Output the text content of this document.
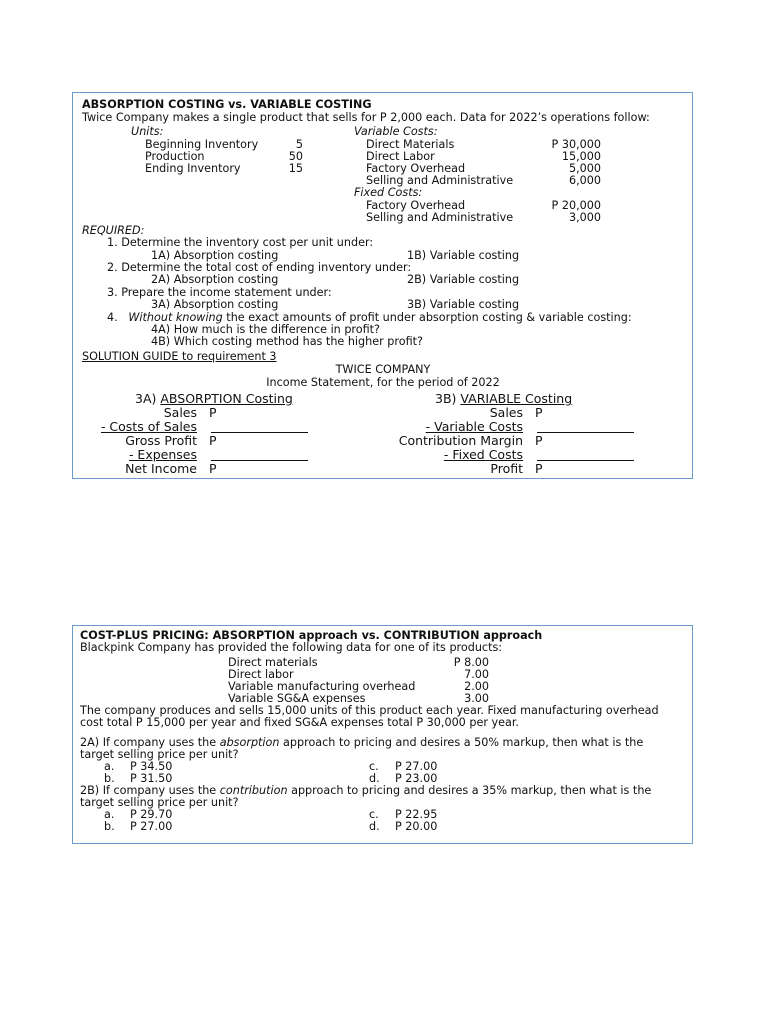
ABSORPTION COSTING vs. VARIABLE COSTING
Twice Company makes a single product that sells for P 2,000 each. Data for 2022’s operations follow:
Units:
Beginning Inventory	5
Production	50
Ending Inventory	15
Variable Costs:
Direct Materials	P 30,000
Direct Labor	15,000
Factory Overhead	5,000
Selling and Administrative	6,000
Fixed Costs:
Factory Overhead	P 20,000
Selling and Administrative	3,000
REQUIRED:
1. Determine the inventory cost per unit under:
1A) Absorption costing	1B) Variable costing
2. Determine the total cost of ending inventory under:
2A) Absorption costing	2B) Variable costing
3. Prepare the income statement under:
3A) Absorption costing	3B) Variable costing
4. Without knowing the exact amounts of profit under absorption costing & variable costing:
4A) How much is the difference in profit?
4B) Which costing method has the higher profit?
SOLUTION GUIDE to requirement 3
TWICE COMPANY
Income Statement, for the period of 2022
3A) ABSORPTION Costing	3B) VARIABLE Costing
Sales P
- Costs of Sales
Gross Profit P
- Expenses
Net Income P
Sales P
- Variable Costs
Contribution Margin P
- Fixed Costs
Profit P
COST-PLUS PRICING: ABSORPTION approach vs. CONTRIBUTION approach
Blackpink Company has provided the following data for one of its products:
Direct materials	P 8.00
Direct labor	7.00
Variable manufacturing overhead	2.00
Variable SG&A expenses	3.00
The company produces and sells 15,000 units of this product each year. Fixed manufacturing overhead
cost total P 15,000 per year and fixed SG&A expenses total P 30,000 per year.
2A) If company uses the absorption approach to pricing and desires a 50% markup, then what is the
target selling price per unit?
a. P 34.50
b. P 31.50
c. P 27.00
d. P 23.00
2B) If company uses the contribution approach to pricing and desires a 35% markup, then what is the
target selling price per unit?
a. P 29.70
b. P 27.00
c. P 22.95
d. P 20.00
